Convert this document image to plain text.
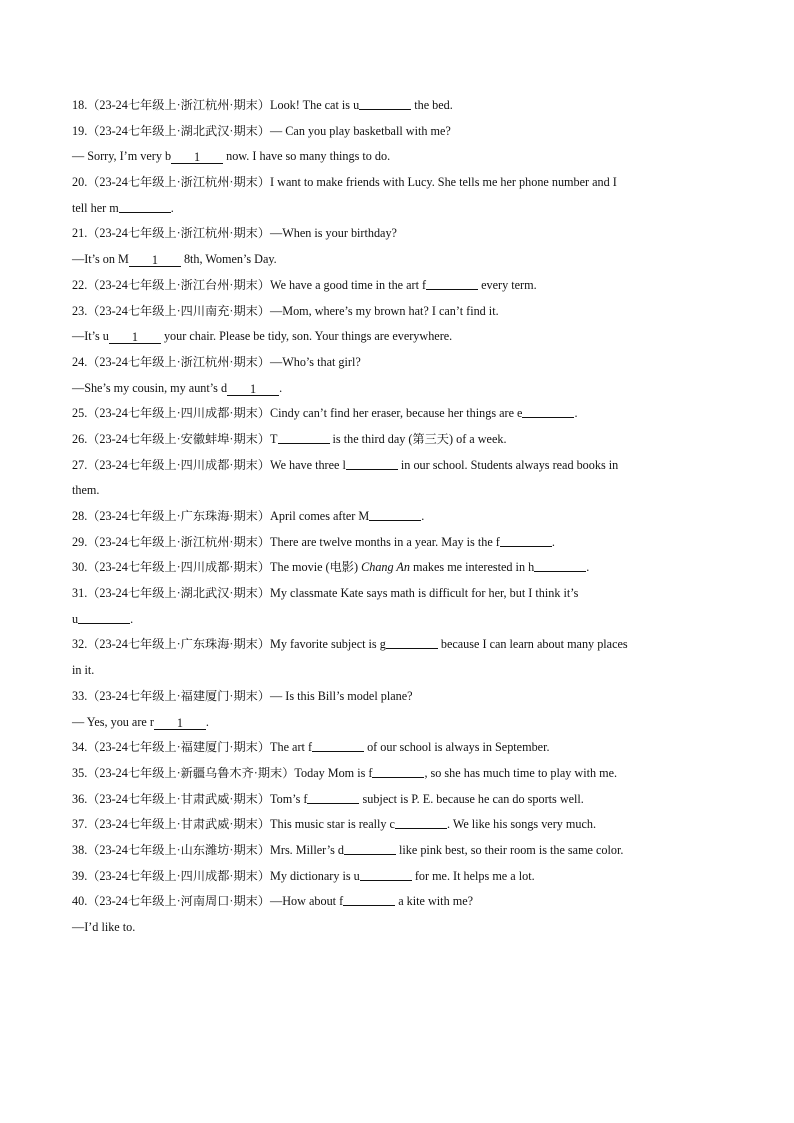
18.（23-24七年级上·浙江杭州·期末）Look! The cat is u	the bed.
19.（23-24七年级上·湖北武汉·期末）— Can you play basketball with me?
— Sorry, I’m very b 1 now. I have so many things to do.
20.（23-24七年级上·浙江杭州·期末）I want to make friends with Lucy. She tells me her phone number and I
tell her m	.
21.（23-24七年级上·浙江杭州·期末）—When is your birthday?
—It’s on M 1 8th, Women’s Day.
22.（23-24七年级上·浙江台州·期末）We have a good time in the art f	every term.
23.（23-24七年级上·四川南充·期末）—Mom, where’s my brown hat? I can’t find it.
—It’s u 1 your chair. Please be tidy, son. Your things are everywhere.
24.（23-24七年级上·浙江杭州·期末）—Who’s that girl?
—She’s my cousin, my aunt’s d 1 .
25.（23-24七年级上·四川成都·期末）Cindy can’t find her eraser, because her things are e	.
26.（23-24七年级上·安徽蚌埠·期末）T	is the third day (第三天) of a week.
27.（23-24七年级上·四川成都·期末）We have three l	in our school. Students always read books in
them.
28.（23-24七年级上·广东珠海·期末）April comes after M	.
29.（23-24七年级上·浙江杭州·期末）There are twelve months in a year. May is the f	.
30.（23-24七年级上·四川成都·期末）The movie (电影) Chang An makes me interested in h	.
31.（23-24七年级上·湖北武汉·期末）My classmate Kate says math is difficult for her, but I think it’s
u	.
32.（23-24七年级上·广东珠海·期末）My favorite subject is g	because I can learn about many places
in it.
33.（23-24七年级上·福建厦门·期末）— Is this Bill’s model plane?
— Yes, you are r 1 .
34.（23-24七年级上·福建厦门·期末）The art f	of our school is always in September.
35.（23-24七年级上·新疆乌鲁木齐·期末）Today Mom is f	, so she has much time to play with me.
36.（23-24七年级上·甘肃武威·期末）Tom’s f	subject is P. E. because he can do sports well.
37.（23-24七年级上·甘肃武威·期末）This music star is really c	. We like his songs very much.
38.（23-24七年级上·山东潍坊·期末）Mrs. Miller’s d	like pink best, so their room is the same color.
39.（23-24七年级上·四川成都·期末）My dictionary is u	for me. It helps me a lot.
40.（23-24七年级上·河南周口·期末）—How about f	a kite with me?
—I’d like to.
